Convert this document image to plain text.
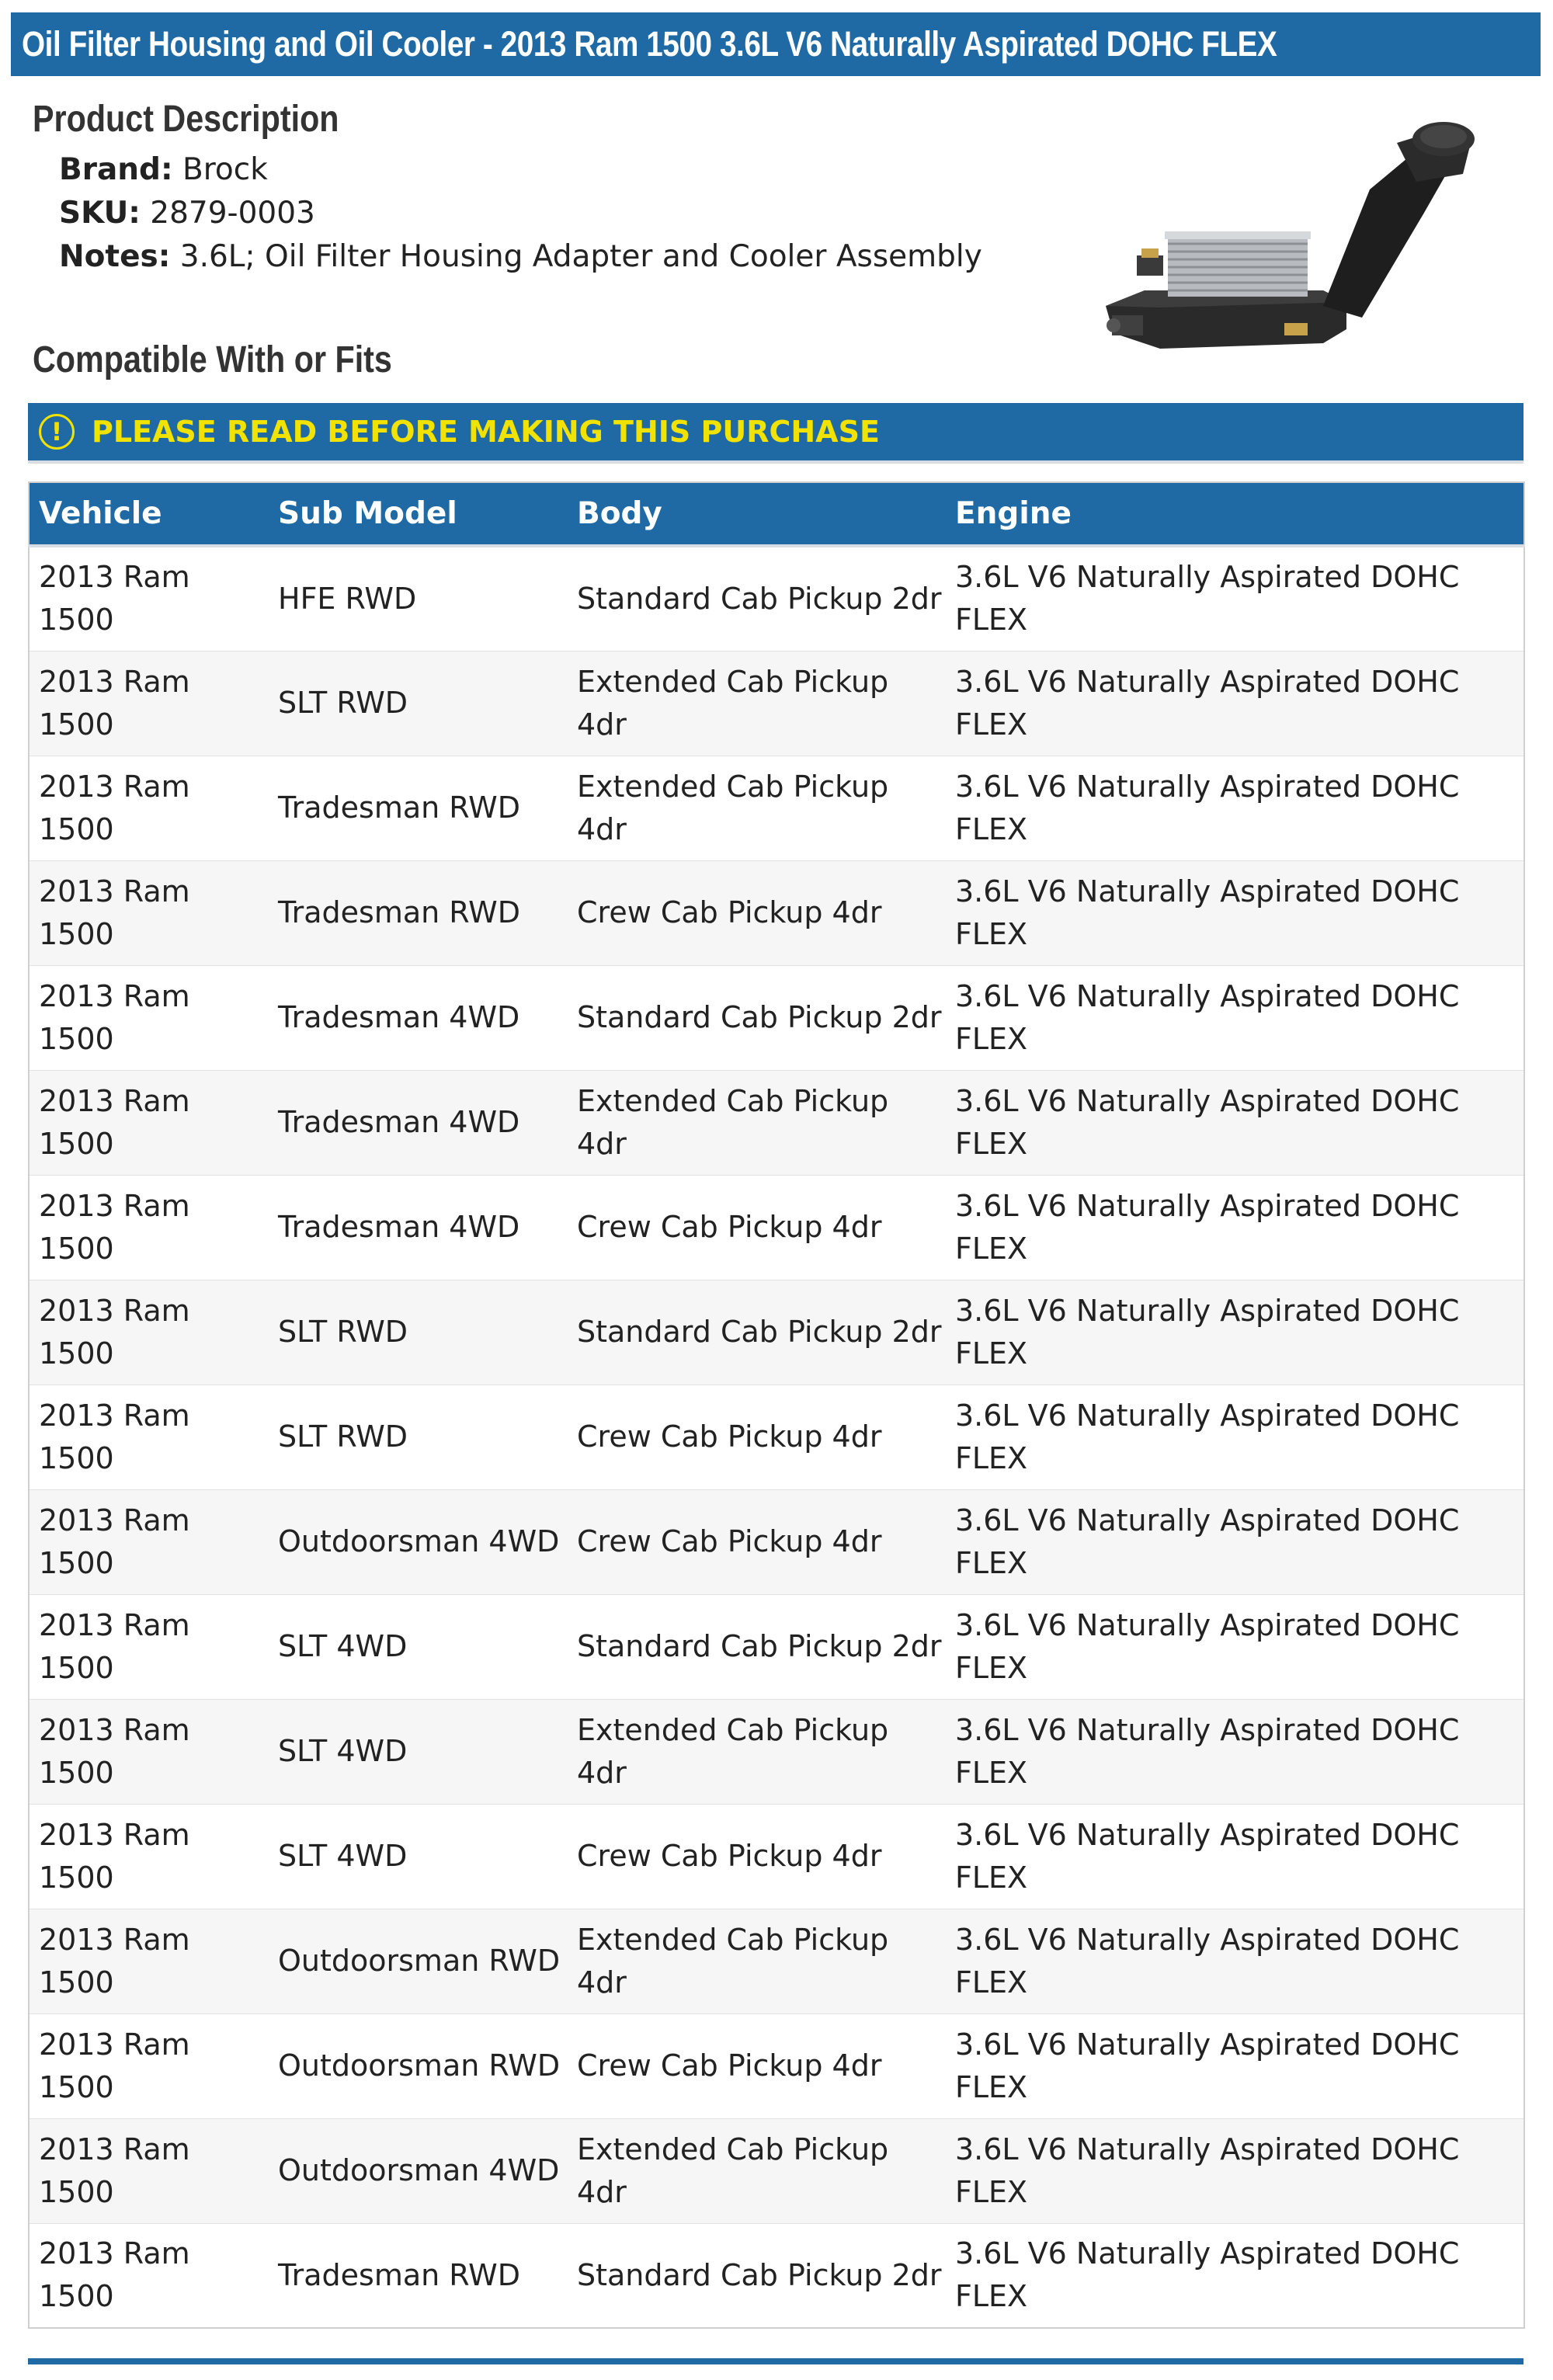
Oil Filter Housing and Oil Cooler - 2013 Ram 1500 3.6L V6 Naturally Aspirated DOHC FLEX
Product Description
Brand: Brock
SKU: 2879-0003
Notes: 3.6L; Oil Filter Housing Adapter and Cooler Assembly
Compatible With or Fits
! PLEASE READ BEFORE MAKING THIS PURCHASE
Vehicle	Sub Model	Body	Engine
2013 Ram 1500	HFE RWD	Standard Cab Pickup 2dr	3.6L V6 Naturally Aspirated DOHC FLEX
2013 Ram 1500	SLT RWD	Extended Cab Pickup 4dr	3.6L V6 Naturally Aspirated DOHC FLEX
2013 Ram 1500	Tradesman RWD	Extended Cab Pickup 4dr	3.6L V6 Naturally Aspirated DOHC FLEX
2013 Ram 1500	Tradesman RWD	Crew Cab Pickup 4dr	3.6L V6 Naturally Aspirated DOHC FLEX
2013 Ram 1500	Tradesman 4WD	Standard Cab Pickup 2dr	3.6L V6 Naturally Aspirated DOHC FLEX
2013 Ram 1500	Tradesman 4WD	Extended Cab Pickup 4dr	3.6L V6 Naturally Aspirated DOHC FLEX
2013 Ram 1500	Tradesman 4WD	Crew Cab Pickup 4dr	3.6L V6 Naturally Aspirated DOHC FLEX
2013 Ram 1500	SLT RWD	Standard Cab Pickup 2dr	3.6L V6 Naturally Aspirated DOHC FLEX
2013 Ram 1500	SLT RWD	Crew Cab Pickup 4dr	3.6L V6 Naturally Aspirated DOHC FLEX
2013 Ram 1500	Outdoorsman 4WD	Crew Cab Pickup 4dr	3.6L V6 Naturally Aspirated DOHC FLEX
2013 Ram 1500	SLT 4WD	Standard Cab Pickup 2dr	3.6L V6 Naturally Aspirated DOHC FLEX
2013 Ram 1500	SLT 4WD	Extended Cab Pickup 4dr	3.6L V6 Naturally Aspirated DOHC FLEX
2013 Ram 1500	SLT 4WD	Crew Cab Pickup 4dr	3.6L V6 Naturally Aspirated DOHC FLEX
2013 Ram 1500	Outdoorsman RWD	Extended Cab Pickup 4dr	3.6L V6 Naturally Aspirated DOHC FLEX
2013 Ram 1500	Outdoorsman RWD	Crew Cab Pickup 4dr	3.6L V6 Naturally Aspirated DOHC FLEX
2013 Ram 1500	Outdoorsman 4WD	Extended Cab Pickup 4dr	3.6L V6 Naturally Aspirated DOHC FLEX
2013 Ram 1500	Tradesman RWD	Standard Cab Pickup 2dr	3.6L V6 Naturally Aspirated DOHC FLEX
